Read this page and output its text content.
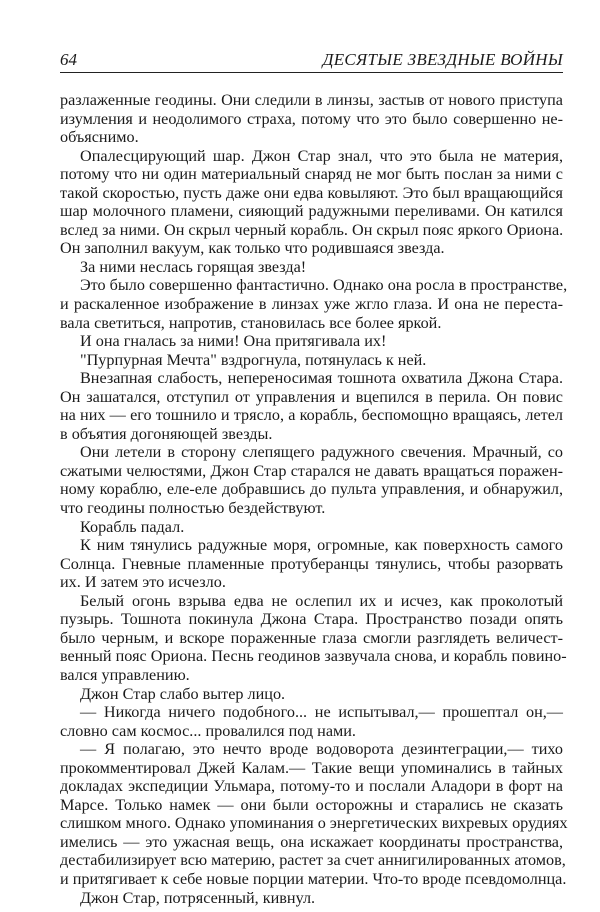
64	ДЕСЯТЫЕ ЗВЕЗДНЫЕ ВОЙНЫ
разлаженные геодины. Они следили в линзы, застыв от нового приступа
изумления и неодолимого страха, потому что это было совершенно не-
объяснимо.
Опалесцирующий шар. Джон Стар знал, что это была не материя,
потому что ни один материальный снаряд не мог быть послан за ними с
такой скоростью, пусть даже они едва ковыляют. Это был вращающийся
шар молочного пламени, сияющий радужными переливами. Он катился
вслед за ними. Он скрыл черный корабль. Он скрыл пояс яркого Ориона.
Он заполнил вакуум, как только что родившаяся звезда.
За ними неслась горящая звезда!
Это было совершенно фантастично. Однако она росла в пространстве,
и раскаленное изображение в линзах уже жгло глаза. И она не переста-
вала светиться, напротив, становилась все более яркой.
И она гналась за ними! Она притягивала их!
"Пурпурная Мечта" вздрогнула, потянулась к ней.
Внезапная слабость, непереносимая тошнота охватила Джона Стара.
Он зашатался, отступил от управления и вцепился в перила. Он повис
на них — его тошнило и трясло, а корабль, беспомощно вращаясь, летел
в объятия догоняющей звезды.
Они летели в сторону слепящего радужного свечения. Мрачный, со
сжатыми челюстями, Джон Стар старался не давать вращаться поражен-
ному кораблю, еле-еле добравшись до пульта управления, и обнаружил,
что геодины полностью бездействуют.
Корабль падал.
К ним тянулись радужные моря, огромные, как поверхность самого
Солнца. Гневные пламенные протуберанцы тянулись, чтобы разорвать
их. И затем это исчезло.
Белый огонь взрыва едва не ослепил их и исчез, как проколотый
пузырь. Тошнота покинула Джона Стара. Пространство позади опять
было черным, и вскоре пораженные глаза смогли разглядеть величест-
венный пояс Ориона. Песнь геодинов зазвучала снова, и корабль повино-
вался управлению.
Джон Стар слабо вытер лицо.
— Никогда ничего подобного... не испытывал,— прошептал он,—
словно сам космос... провалился под нами.
— Я полагаю, это нечто вроде водоворота дезинтеграции,— тихо
прокомментировал Джей Калам.— Такие вещи упоминались в тайных
докладах экспедиции Ульмара, потому-то и послали Аладори в форт на
Марсе. Только намек — они были осторожны и старались не сказать
слишком много. Однако упоминания о энергетических вихревых орудиях
имелись — это ужасная вещь, она искажает координаты пространства,
дестабилизирует всю материю, растет за счет аннигилированных атомов,
и притягивает к себе новые порции материи. Что-то вроде псевдомолнца.
Джон Стар, потрясенный, кивнул.
